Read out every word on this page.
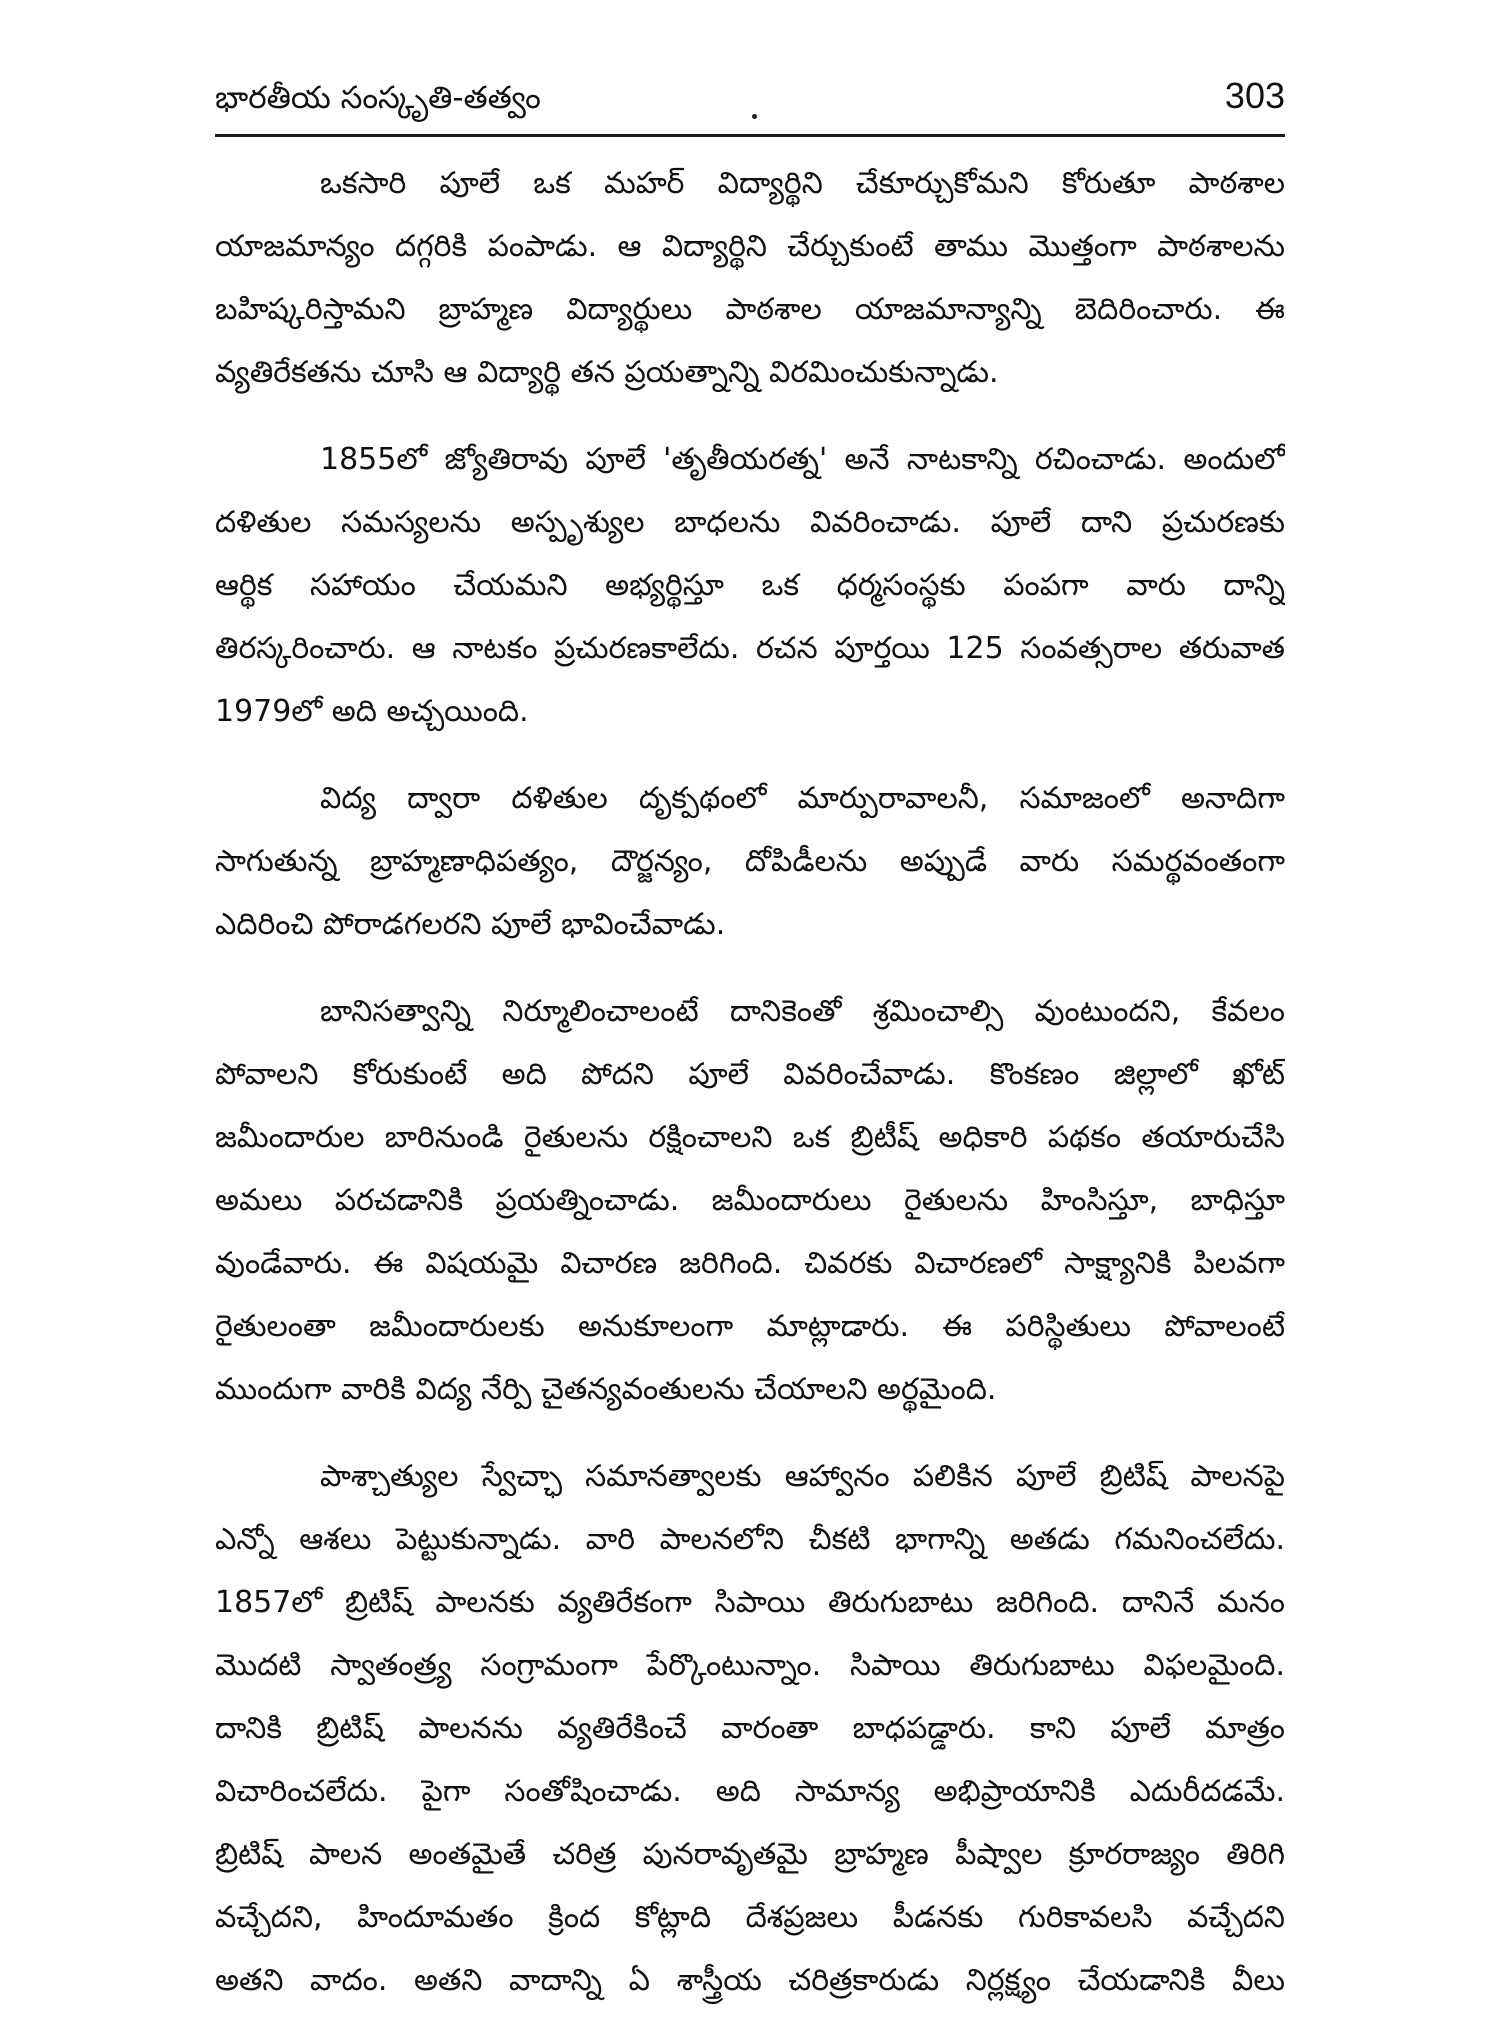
భారతీయ సంస్కృతి-తత్వం	303
ఒకసారి పూలే ఒక మహర్ విద్యార్థిని చేకూర్చుకోమని కోరుతూ పాఠశాల
యాజమాన్యం దగ్గరికి పంపాడు. ఆ విద్యార్థిని చేర్చుకుంటే తాము మొత్తంగా పాఠశాలను
బహిష్కరిస్తామని బ్రాహ్మణ విద్యార్థులు పాఠశాల యాజమాన్యాన్ని బెదిరించారు. ఈ
వ్యతిరేకతను చూసి ఆ విద్యార్థి తన ప్రయత్నాన్ని విరమించుకున్నాడు.
1855లో జ్యోతిరావు పూలే 'తృతీయరత్న' అనే నాటకాన్ని రచించాడు. అందులో
దళితుల సమస్యలను అస్పృశ్యుల బాధలను వివరించాడు. పూలే దాని ప్రచురణకు
ఆర్థిక సహాయం చేయమని అభ్యర్థిస్తూ ఒక ధర్మసంస్థకు పంపగా వారు దాన్ని
తిరస్కరించారు. ఆ నాటకం ప్రచురణకాలేదు. రచన పూర్తయి 125 సంవత్సరాల తరువాత
1979లో అది అచ్చయింది.
విద్య ద్వారా దళితుల దృక్పథంలో మార్పురావాలనీ, సమాజంలో అనాదిగా
సాగుతున్న బ్రాహ్మణాధిపత్యం, దౌర్జన్యం, దోపిడీలను అప్పుడే వారు సమర్థవంతంగా
ఎదిరించి పోరాడగలరని పూలే భావించేవాడు.
బానిసత్వాన్ని నిర్మూలించాలంటే దానికెంతో శ్రమించాల్సి వుంటుందని, కేవలం
పోవాలని కోరుకుంటే అది పోదని పూలే వివరించేవాడు. కొంకణం జిల్లాలో ఖోట్
జమీందారుల బారినుండి రైతులను రక్షించాలని ఒక బ్రిటీష్ అధికారి పథకం తయారుచేసి
అమలు పరచడానికి ప్రయత్నించాడు. జమీందారులు రైతులను హింసిస్తూ, బాధిస్తూ
వుండేవారు. ఈ విషయమై విచారణ జరిగింది. చివరకు విచారణలో సాక్ష్యానికి పిలవగా
రైతులంతా జమీందారులకు అనుకూలంగా మాట్లాడారు. ఈ పరిస్థితులు పోవాలంటే
ముందుగా వారికి విద్య నేర్పి చైతన్యవంతులను చేయాలని అర్థమైంది.
పాశ్చాత్యుల స్వేచ్ఛా సమానత్వాలకు ఆహ్వానం పలికిన పూలే బ్రిటిష్ పాలనపై
ఎన్నో ఆశలు పెట్టుకున్నాడు. వారి పాలనలోని చీకటి భాగాన్ని అతడు గమనించలేదు.
1857లో బ్రిటిష్ పాలనకు వ్యతిరేకంగా సిపాయి తిరుగుబాటు జరిగింది. దానినే మనం
మొదటి స్వాతంత్ర్య సంగ్రామంగా పేర్కొంటున్నాం. సిపాయి తిరుగుబాటు విఫలమైంది.
దానికి బ్రిటిష్ పాలనను వ్యతిరేకించే వారంతా బాధపడ్డారు. కాని పూలే మాత్రం
విచారించలేదు. పైగా సంతోషించాడు. అది సామాన్య అభిప్రాయానికి ఎదురీదడమే.
బ్రిటిష్ పాలన అంతమైతే చరిత్ర పునరావృతమై బ్రాహ్మణ పీష్వాల క్రూరరాజ్యం తిరిగి
వచ్చేదని, హిందూమతం క్రింద కోట్లాది దేశప్రజలు పీడనకు గురికావలసి వచ్చేదని
అతని వాదం. అతని వాదాన్ని ఏ శాస్త్రీయ చరిత్రకారుడు నిర్లక్ష్యం చేయడానికి వీలు
